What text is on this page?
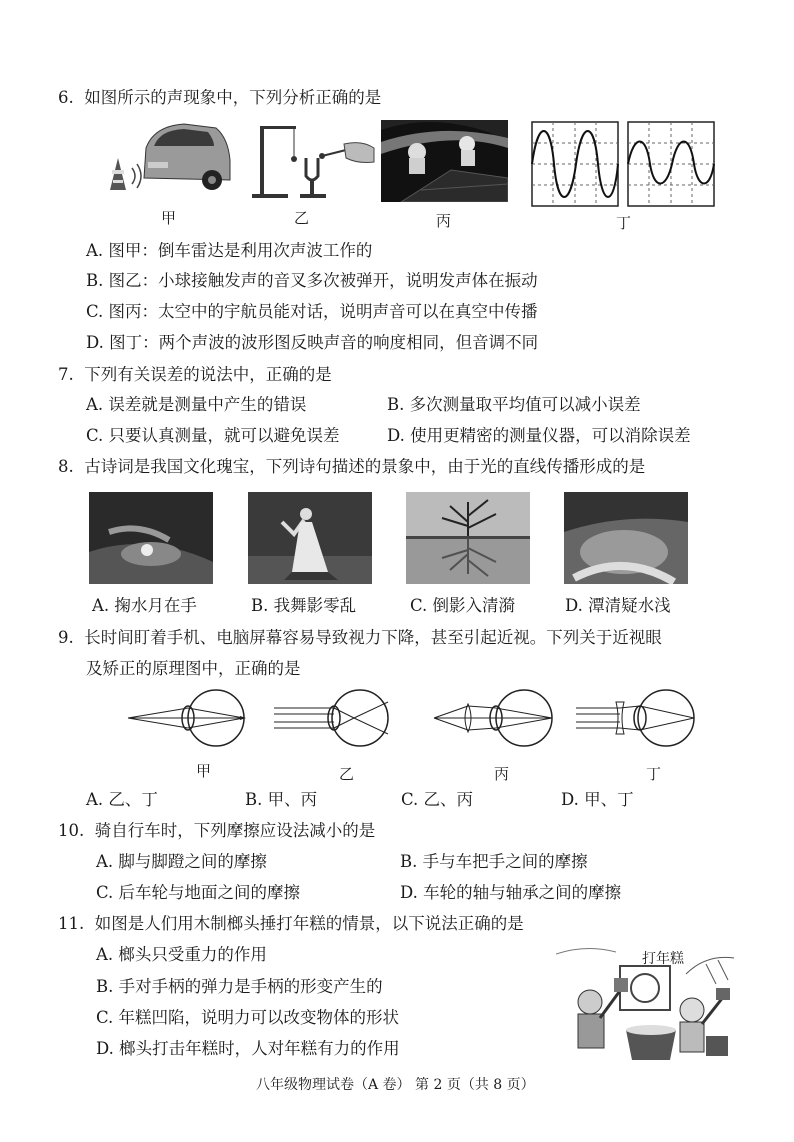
6. 如图所示的声现象中，下列分析正确的是
甲	乙	丙	丁
A. 图甲：倒车雷达是利用次声波工作的
B. 图乙：小球接触发声的音叉多次被弹开，说明发声体在振动
C. 图丙：太空中的宇航员能对话，说明声音可以在真空中传播
D. 图丁：两个声波的波形图反映声音的响度相同，但音调不同
7. 下列有关误差的说法中，正确的是
A. 误差就是测量中产生的错误	B. 多次测量取平均值可以减小误差
C. 只要认真测量，就可以避免误差	D. 使用更精密的测量仪器，可以消除误差
8. 古诗词是我国文化瑰宝，下列诗句描述的景象中，由于光的直线传播形成的是
A. 掬水月在手	B. 我舞影零乱	C. 倒影入清漪	D. 潭清疑水浅
9. 长时间盯着手机、电脑屏幕容易导致视力下降，甚至引起近视。下列关于近视眼
及矫正的原理图中，正确的是
甲	乙	丙	丁
A. 乙、丁	B. 甲、丙	C. 乙、丙	D. 甲、丁
10. 骑自行车时，下列摩擦应设法减小的是
A. 脚与脚蹬之间的摩擦	B. 手与车把手之间的摩擦
C. 后车轮与地面之间的摩擦	D. 车轮的轴与轴承之间的摩擦
11. 如图是人们用木制榔头捶打年糕的情景，以下说法正确的是
A. 榔头只受重力的作用
B. 手对手柄的弹力是手柄的形变产生的
C. 年糕凹陷，说明力可以改变物体的形状
D. 榔头打击年糕时，人对年糕有力的作用
打年糕
八年级物理试卷（A 卷） 第 2 页（共 8 页）
